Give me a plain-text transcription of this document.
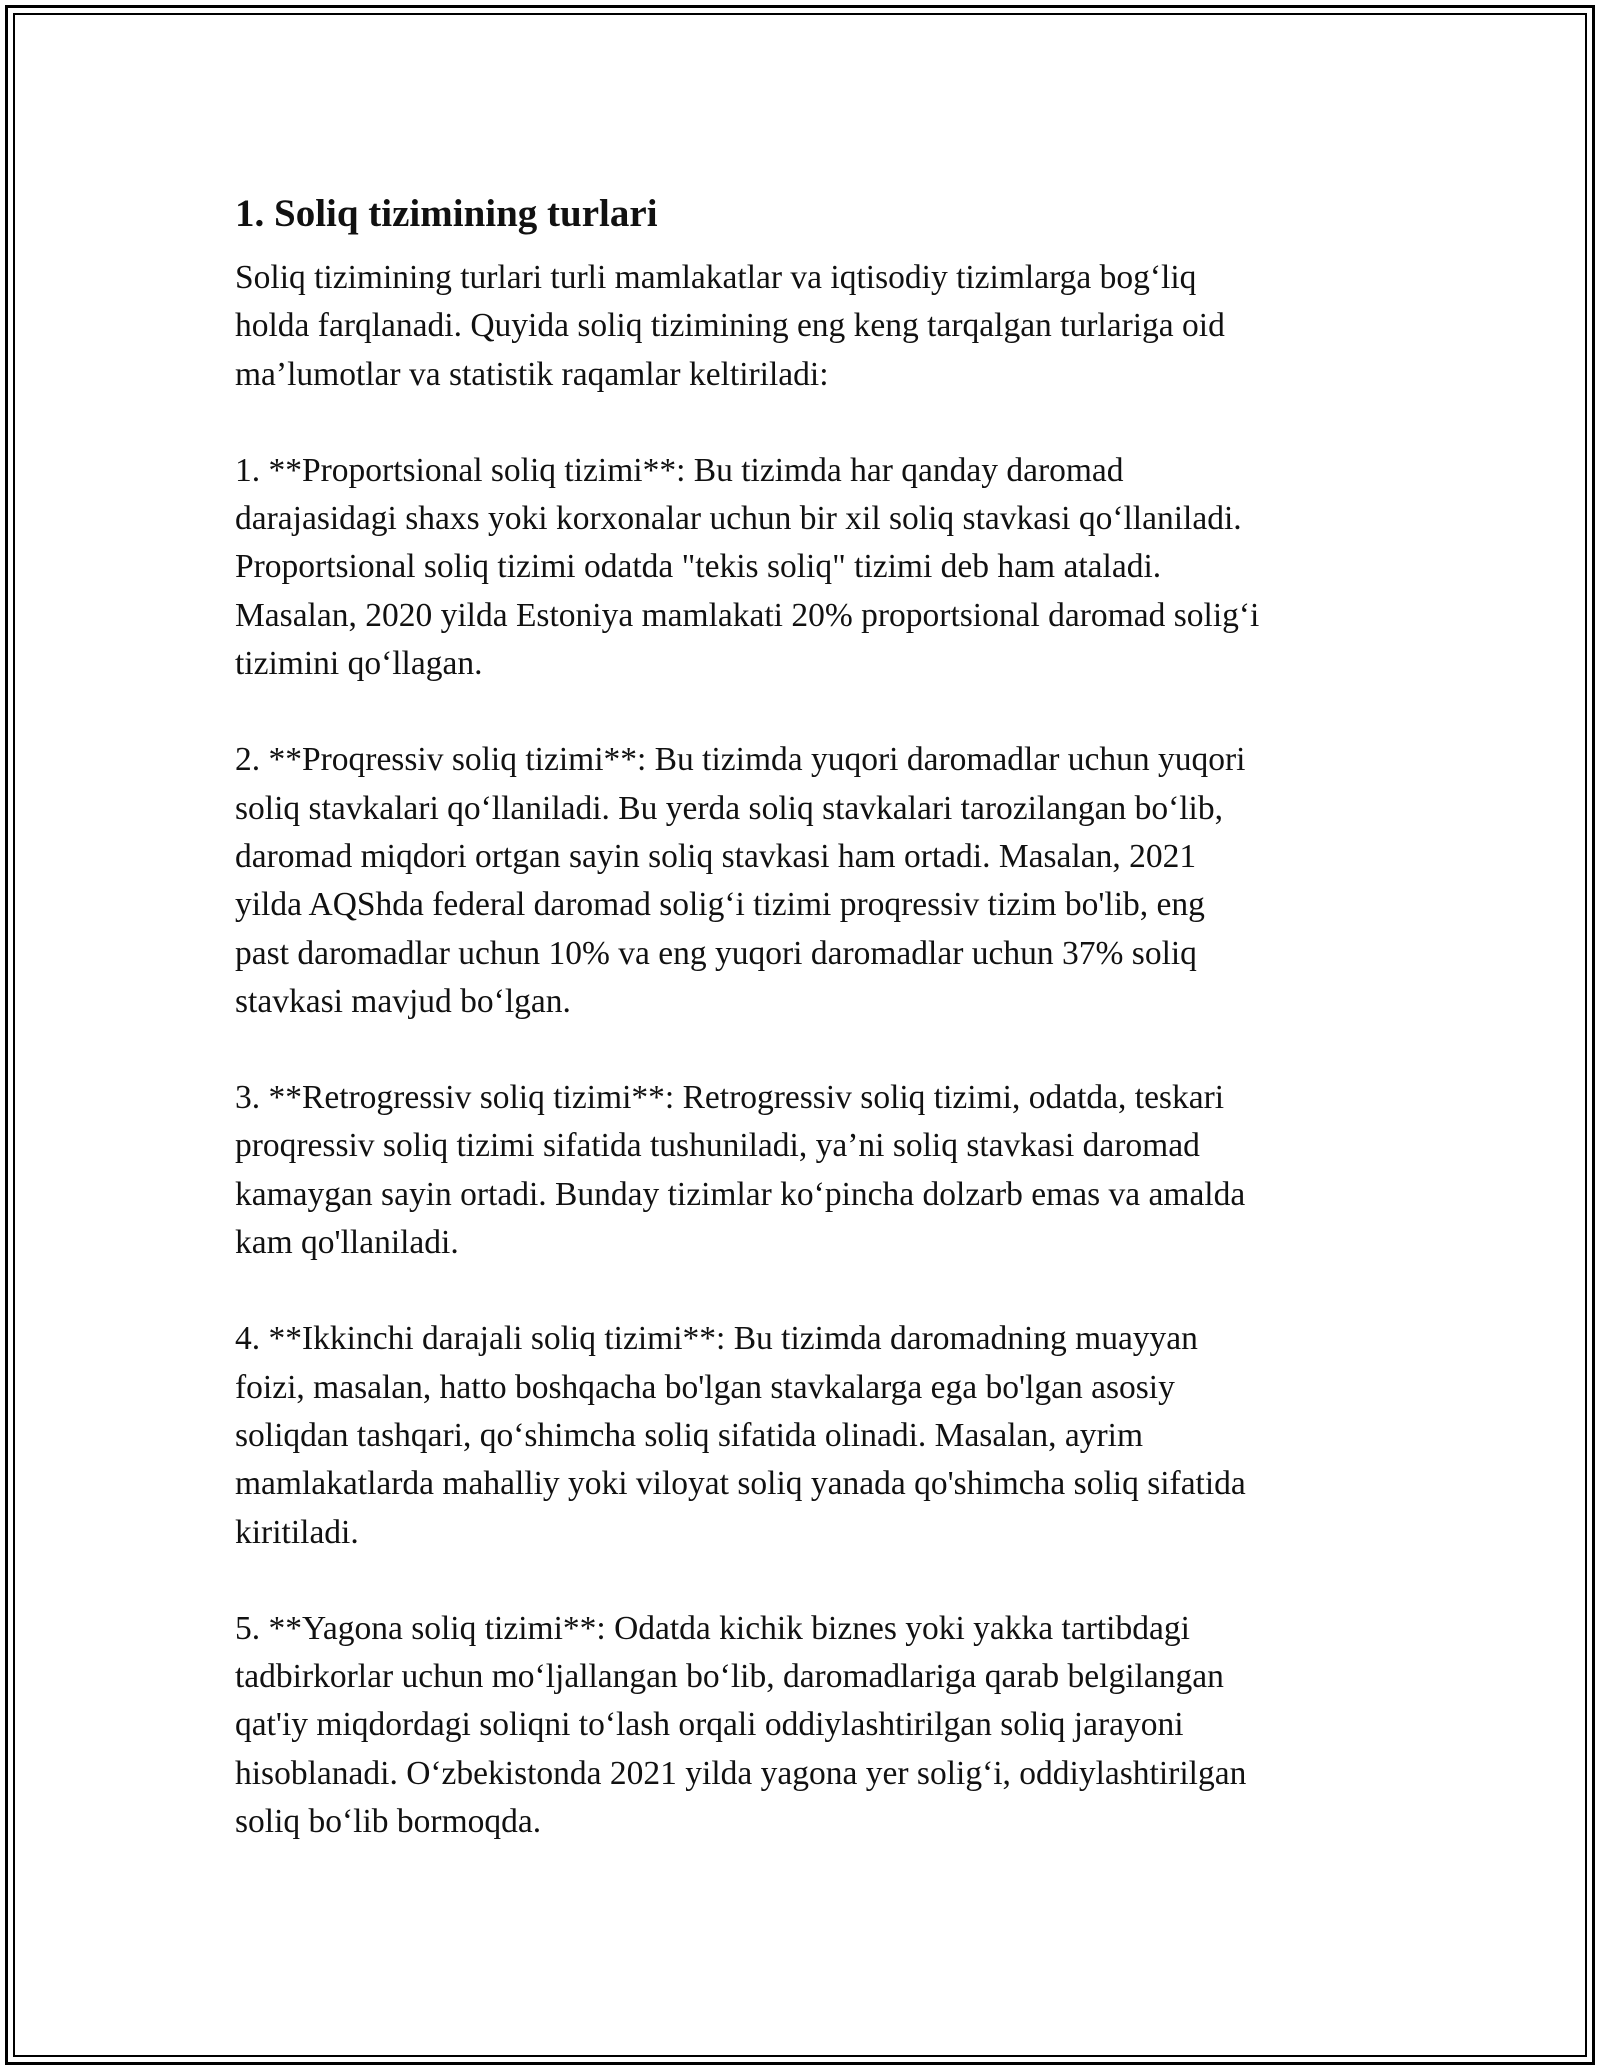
1. Soliq tizimining turlari

Soliq tizimining turlari turli mamlakatlar va iqtisodiy tizimlarga bog‘liq
holda farqlanadi. Quyida soliq tizimining eng keng tarqalgan turlariga oid
ma’lumotlar va statistik raqamlar keltiriladi:

1. **Proportsional soliq tizimi**: Bu tizimda har qanday daromad
darajasidagi shaxs yoki korxonalar uchun bir xil soliq stavkasi qo‘llaniladi.
Proportsional soliq tizimi odatda "tekis soliq" tizimi deb ham ataladi.
Masalan, 2020 yilda Estoniya mamlakati 20% proportsional daromad solig‘i
tizimini qo‘llagan.

2. **Proqressiv soliq tizimi**: Bu tizimda yuqori daromadlar uchun yuqori
soliq stavkalari qo‘llaniladi. Bu yerda soliq stavkalari tarozilangan bo‘lib,
daromad miqdori ortgan sayin soliq stavkasi ham ortadi. Masalan, 2021
yilda AQShda federal daromad solig‘i tizimi proqressiv tizim bo'lib, eng
past daromadlar uchun 10% va eng yuqori daromadlar uchun 37% soliq
stavkasi mavjud bo‘lgan.

3. **Retrogressiv soliq tizimi**: Retrogressiv soliq tizimi, odatda, teskari
proqressiv soliq tizimi sifatida tushuniladi, ya’ni soliq stavkasi daromad
kamaygan sayin ortadi. Bunday tizimlar ko‘pincha dolzarb emas va amalda
kam qo'llaniladi.

4. **Ikkinchi darajali soliq tizimi**: Bu tizimda daromadning muayyan
foizi, masalan, hatto boshqacha bo'lgan stavkalarga ega bo'lgan asosiy
soliqdan tashqari, qo‘shimcha soliq sifatida olinadi. Masalan, ayrim
mamlakatlarda mahalliy yoki viloyat soliq yanada qo'shimcha soliq sifatida
kiritiladi.

5. **Yagona soliq tizimi**: Odatda kichik biznes yoki yakka tartibdagi
tadbirkorlar uchun mo‘ljallangan bo‘lib, daromadlariga qarab belgilangan
qat'iy miqdordagi soliqni to‘lash orqali oddiylashtirilgan soliq jarayoni
hisoblanadi. O‘zbekistonda 2021 yilda yagona yer solig‘i, oddiylashtirilgan
soliq bo‘lib bormoqda.
